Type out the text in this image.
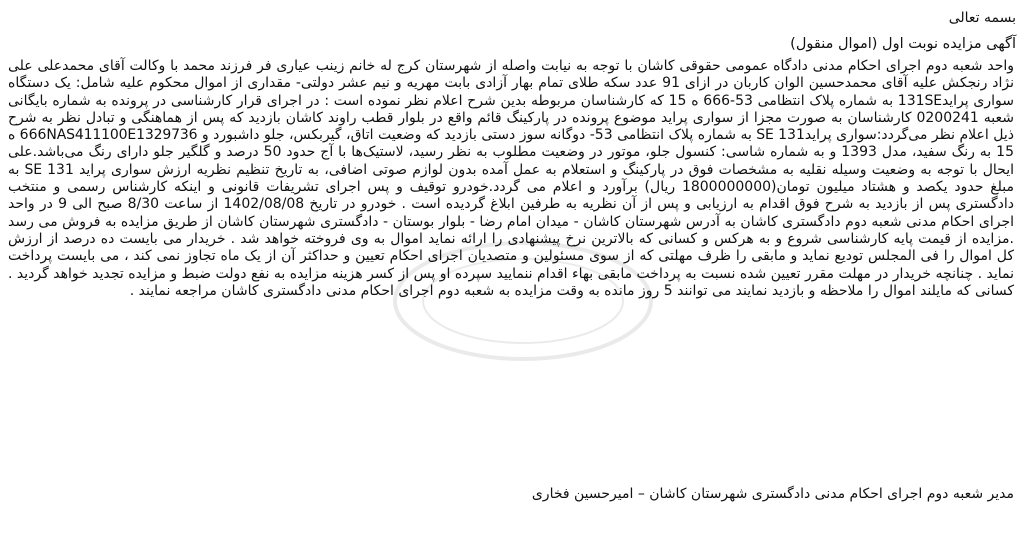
بسمه تعالی
آگهی مزایده نوبت اول (اموال منقول)

واحد شعبه دوم اجرای احکام مدنی دادگاه عمومی حقوقی کاشان با توجه به نیابت واصله از شهرستان کرج له خانم زینب عیاری فر فرزند محمد با وکالت آقای محمدعلی علی نژاد رنجکش علیه آقای محمدحسین الوان کاربان در ازای 91 عدد سکه طلای تمام بهار آزادی بابت مهریه و نیم عشر دولتی- مقداری از اموال محکوم علیه شامل: یک دستگاه سواری پراید131SE به شماره پلاک انتظامی 53-666 ه 15 که کارشناسان مربوطه بدین شرح اعلام نظر نموده است : در اجرای قرار کارشناسی در پرونده به شماره بایگانی شعبه 0200241 کارشناسان به صورت مجزا از سواری پراید موضوع پرونده در پارکینگ قائم واقع در بلوار قطب راوند کاشان بازدید که پس از هماهنگی و تبادل نظر به شرح ذیل اعلام نظر می‌گردد:سواری پراید131 SE به شماره پلاک انتظامی 53- دوگانه سوز دستی بازدید که وضعیت اتاق، گیربکس، جلو داشبورد و 666NAS411100E1329736 ه 15 به رنگ سفید، مدل 1393 و به شماره شاسی: کنسول جلو، موتور در وضعیت مطلوب به نظر رسید، لاستیک‌ها با آج حدود 50 درصد و گلگیر جلو دارای رنگ می‌باشد.علی ایحال با توجه به وضعیت وسیله نقلیه به مشخصات فوق در پارکینگ و استعلام به عمل آمده بدون لوازم صوتی اضافی، به تاریخ تنظیم نظریه ارزش سواری پراید 131 SE به مبلغ حدود یکصد و هشتاد میلیون تومان(1800000000 ریال) برآورد و اعلام می گردد.خودرو توقیف و پس اجرای تشریفات قانونی و اینکه کارشناس رسمی و منتخب دادگستری پس از بازدید به شرح فوق اقدام به ارزیابی و پس از آن نظریه به طرفین ابلاغ گردیده است . خودرو در تاریخ 1402/08/08 از ساعت 8/30 صبح الی 9 در واحد اجرای احکام مدنی شعبه دوم دادگستری کاشان به آدرس شهرستان کاشان - میدان امام رضا - بلوار بوستان - دادگستری شهرستان کاشان از طریق مزایده به فروش می رسد .مزایده از قیمت پایه کارشناسی شروع و به هرکس و کسانی که بالاترین نرخ پیشنهادی را ارائه نماید اموال به وی فروخته خواهد شد . خریدار می بایست ده درصد از ارزش کل اموال را فی المجلس تودیع نماید و مابقی را ظرف مهلتی که از سوی مسئولین و متصدیان اجرای احکام تعیین و حداکثر آن از یک ماه تجاوز نمی کند ، می بایست پرداخت نماید . چنانچه خریدار در مهلت مقرر تعیین شده نسبت به پرداخت مابقی بهاء اقدام ننمایید سپرده او پس از کسر هزینه مزایده به نفع دولت ضبط و مزایده تجدید خواهد گردید . کسانی که مایلند اموال را ملاحظه و بازدید نمایند می توانند 5 روز مانده به وقت مزایده به شعبه دوم اجرای احکام مدنی دادگستری کاشان مراجعه نمایند .

مدیر شعبه دوم اجرای احکام مدنی دادگستری شهرستان کاشان – امیرحسین فخاری
